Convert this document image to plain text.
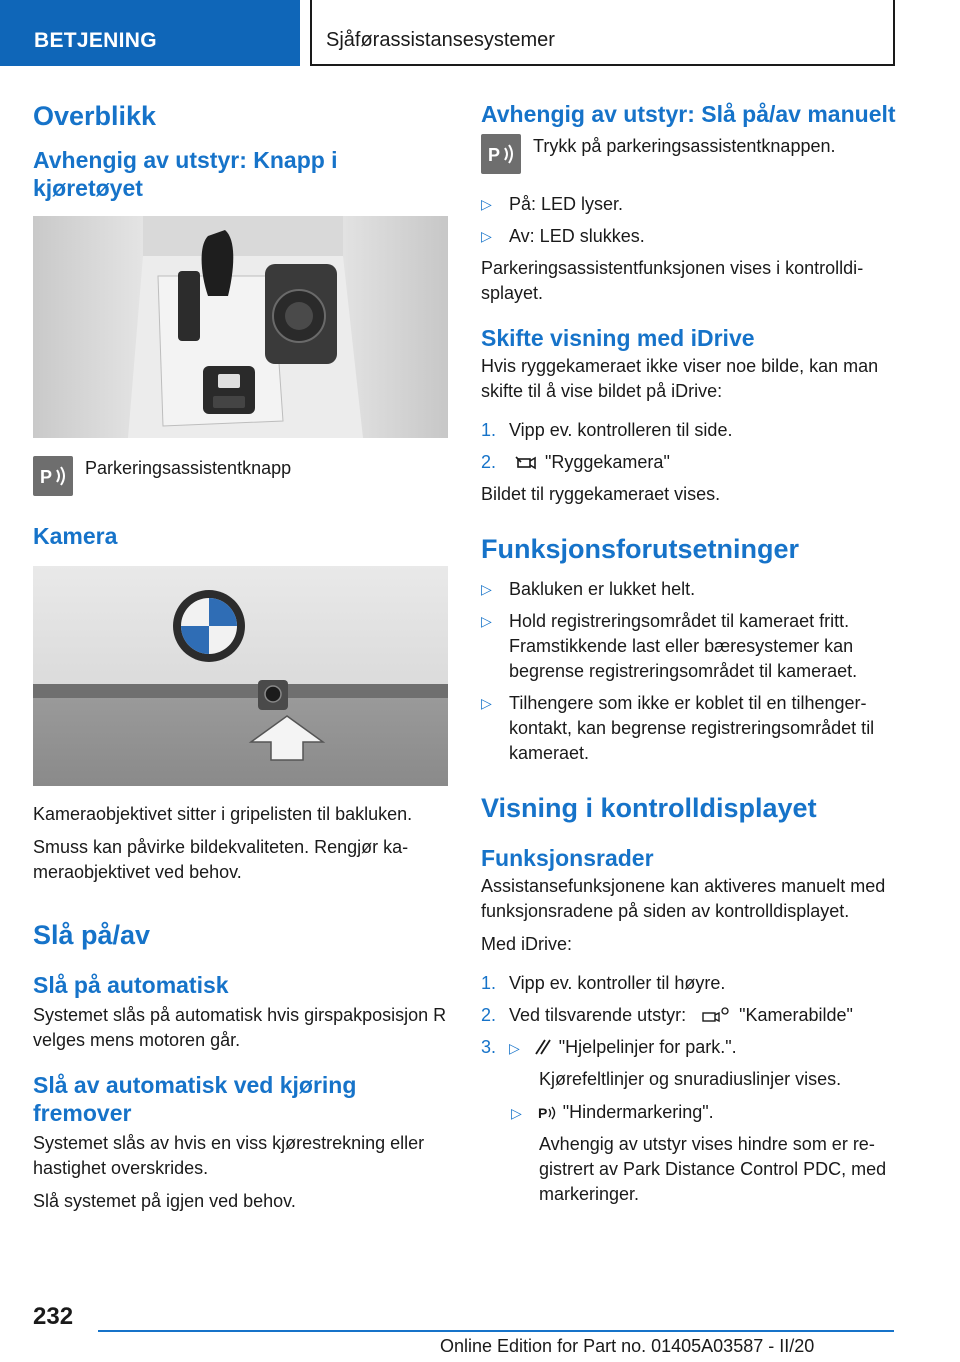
BETJENING	Sjåførassistansesystemer
Overblikk
Avhengig av utstyr: Knapp i kjøretøyet
P Parkeringsassistentknapp
Kamera
Kameraobjektivet sitter i gripelisten til bakluken.
Smuss kan påvirke bildekvaliteten. Rengjør kameraobjektivet ved behov.
Slå på/av
Slå på automatisk
Systemet slås på automatisk hvis girspakposisjon R velges mens motoren går.
Slå av automatisk ved kjøring fremover
Systemet slås av hvis en viss kjørestrekning eller hastighet overskrides.
Slå systemet på igjen ved behov.
Avhengig av utstyr: Slå på/av manuelt
P Trykk på parkeringsassistentknappen.
▷ På: LED lyser.
▷ Av: LED slukkes.
Parkeringsassistentfunksjonen vises i kontrolldisplayet.
Skifte visning med iDrive
Hvis ryggekameraet ikke viser noe bilde, kan man skifte til å vise bildet på iDrive:
1. Vipp ev. kontrolleren til side.
2.	"Ryggekamera"
Bildet til ryggekameraet vises.
Funksjonsforutsetninger
▷ Bakluken er lukket helt.
▷ Hold registreringsområdet til kameraet fritt. Framstikkende last eller bæresystemer kan begrense registreringsområdet til kameraet.
▷ Tilhengere som ikke er koblet til en tilhengerkontakt, kan begrense registreringsområdet til kameraet.
Visning i kontrolldisplayet
Funksjonsrader
Assistansefunksjonene kan aktiveres manuelt med funksjonsradene på siden av kontrolldisplayet.
Med iDrive:
1. Vipp ev. kontroller til høyre.
2. Ved tilsvarende utstyr:	"Kamerabilde"
3. ▷ "Hjelpelinjer for park.".
Kjørefeltlinjer og snuradiuslinjer vises.
▷ P "Hindermarkering".
Avhengig av utstyr vises hindre som er registrert av Park Distance Control PDC, med markeringer.
232
Online Edition for Part no. 01405A03587 - II/20
